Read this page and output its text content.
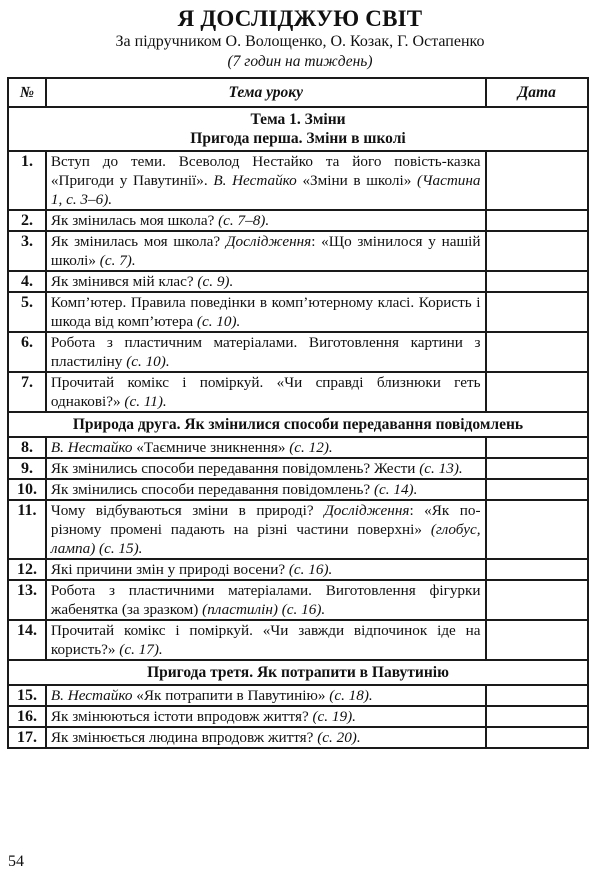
Я ДОСЛІДЖУЮ СВІТ
За підручником О. Волощенко, О. Козак, Г. Остапенко
(7 годин на тиждень)
№	Тема уроку	Дата

Тема 1. Зміни
Пригода перша. Зміни в школі		

1.	Вступ до теми. Всеволод Нестайко та його повість-казка «Пригоди у Павутинії». В. Нестайко «Зміни в школі» (Частина 1, с. 3–6).	
2.	Як змінилась моя школа? (с. 7–8).	
3.	Як змінилась моя школа? Дослідження: «Що змінилося у нашій школі» (с. 7).	
4.	Як змінився мій клас? (с. 9).	
5.	Комп’ютер. Правила поведінки в комп’ютерному класі. Користь і шкода від комп’ютера (с. 10).	
6.	Робота з пластичним матеріалами. Виготовлення картини з пластиліну (с. 10).	
7.	Прочитай комікс і поміркуй. «Чи справді близнюки геть однакові?» (с. 11).	
Природа друга. Як змінилися способи передавання повідомлень		
8.	В. Нестайко «Таємниче зникнення» (с. 12).	
9.	Як змінились способи передавання повідомлень? Жести (с. 13).	
10.	Як змінились способи передавання повідомлень? (с. 14).	
11.	Чому відбуваються зміни в природі? Дослідження: «Як по-різному промені падають на різні частини поверхні» (глобус, лампа) (с. 15).	
12.	Які причини змін у природі восени? (с. 16).	
13.	Робота з пластичними матеріалами. Виготовлення фігурки жабенятка (за зразком) (пластилін) (с. 16).	
14.	Прочитай комікс і поміркуй. «Чи завжди відпочинок іде на користь?» (с. 17).	
Пригода третя. Як потрапити в Павутинію		
15.	В. Нестайко «Як потрапити в Павутинію» (с. 18).	
16.	Як змінюються істоти впродовж життя? (с. 19).	
17.	Як змінюється людина впродовж життя? (с. 20).	
54
